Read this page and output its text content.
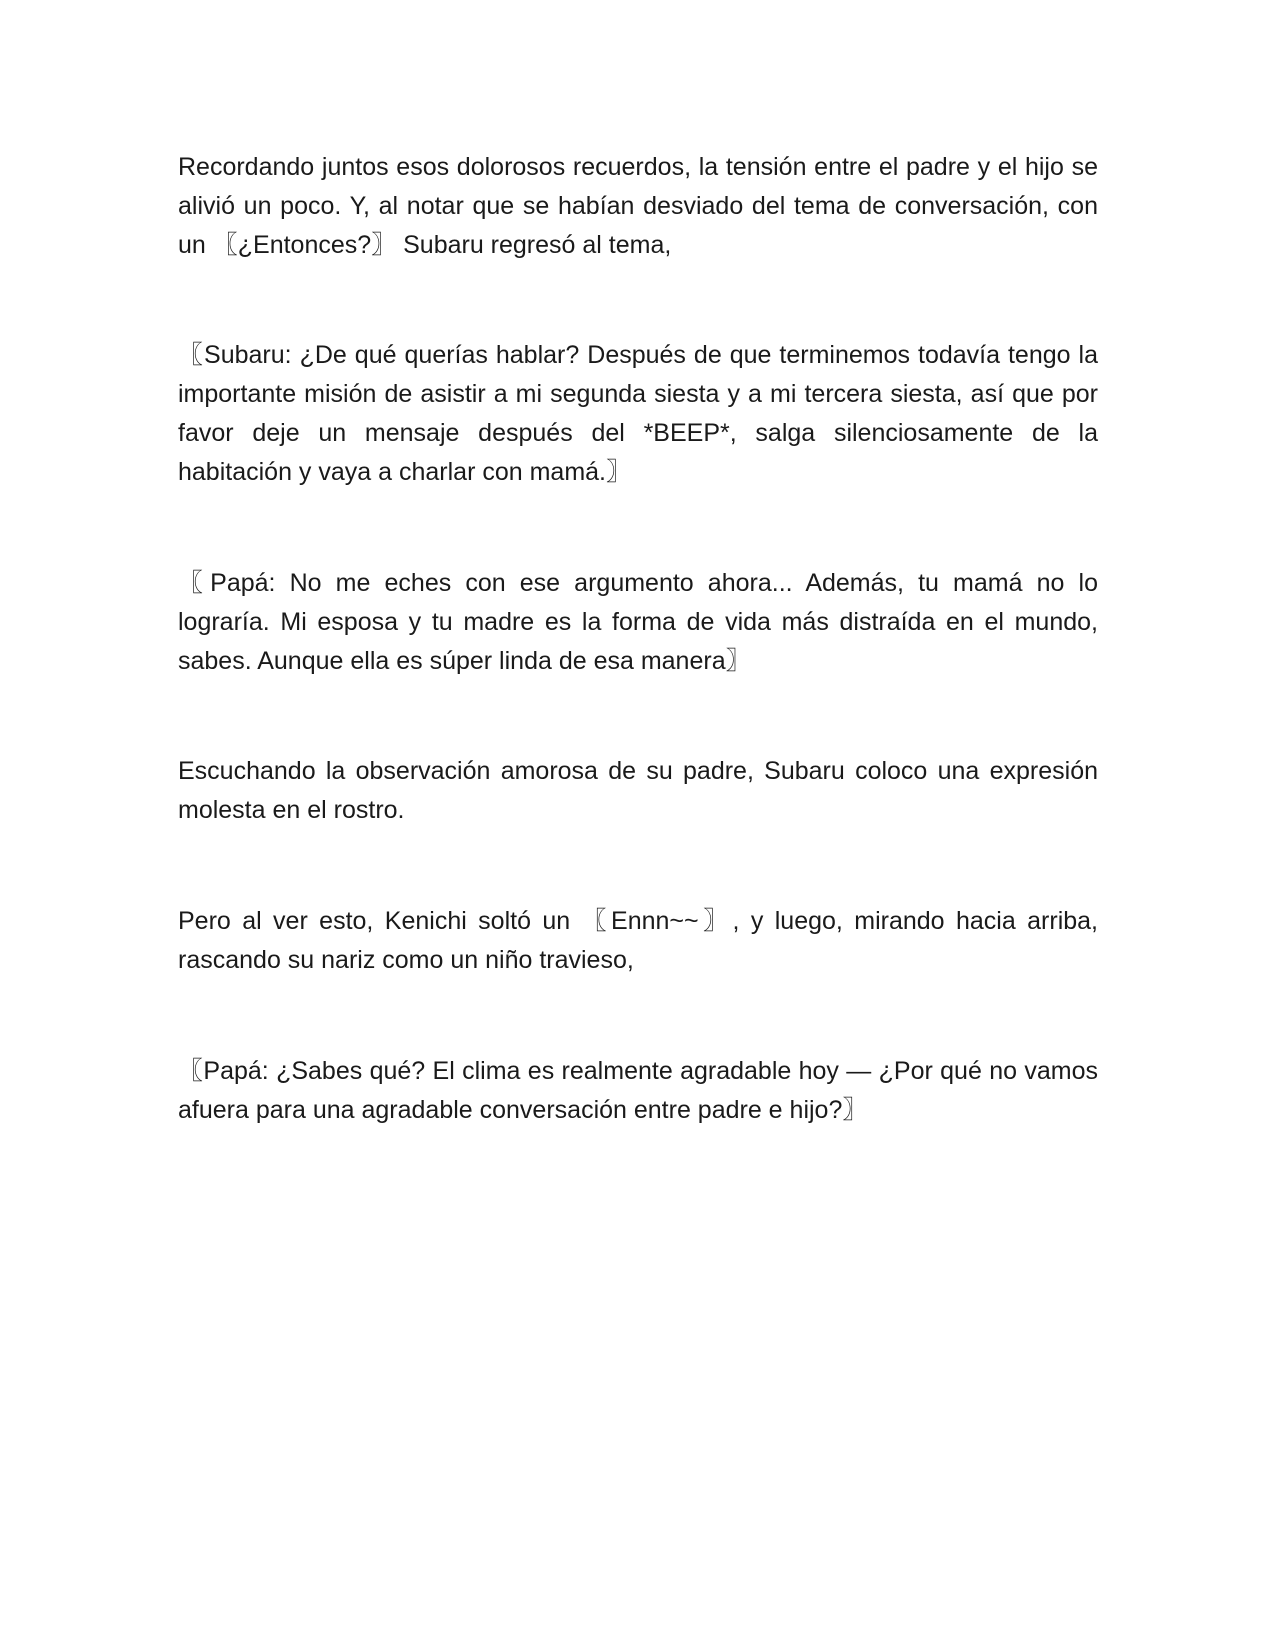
Recordando juntos esos dolorosos recuerdos, la tensión entre el padre y el hijo se alivió un poco. Y, al notar que se habían desviado del tema de conversación, con un 〖¿Entonces?〗 Subaru regresó al tema,

〖Subaru: ¿De qué querías hablar? Después de que terminemos todavía tengo la importante misión de asistir a mi segunda siesta y a mi tercera siesta, así que por favor deje un mensaje después del *BEEP*, salga silenciosamente de la habitación y vaya a charlar con mamá.〗

〖Papá: No me eches con ese argumento ahora... Además, tu mamá no lo lograría. Mi esposa y tu madre es la forma de vida más distraída en el mundo, sabes. Aunque ella es súper linda de esa manera〗

Escuchando la observación amorosa de su padre, Subaru coloco una expresión molesta en el rostro.

Pero al ver esto, Kenichi soltó un 〖Ennn~~〗, y luego, mirando hacia arriba, rascando su nariz como un niño travieso,

〖Papá: ¿Sabes qué? El clima es realmente agradable hoy — ¿Por qué no vamos afuera para una agradable conversación entre padre e hijo?〗
